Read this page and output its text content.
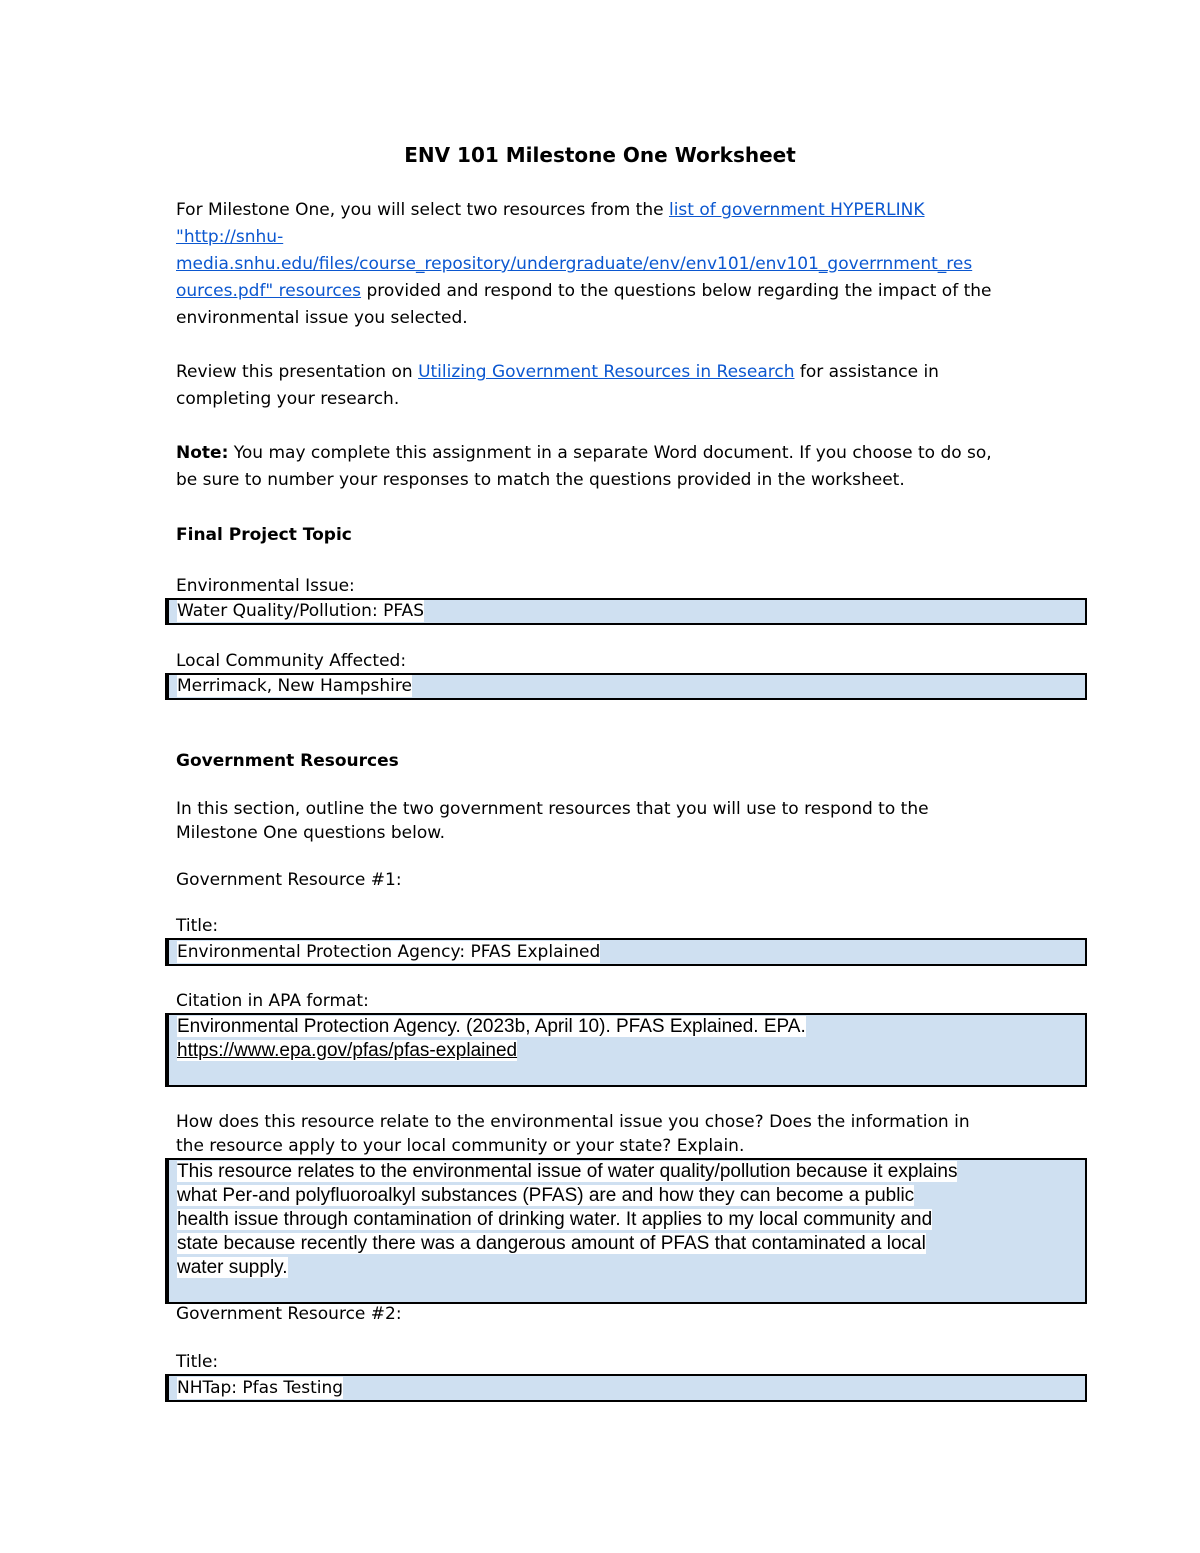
ENV 101 Milestone One Worksheet

For Milestone One, you will select two resources from the list of government HYPERLINK

"http://snhu-

media.snhu.edu/files/course_repository/undergraduate/env/env101/env101_goverrnment_res

ources.pdf" resources provided and respond to the questions below regarding the impact of the

environmental issue you selected.

Review this presentation on Utilizing Government Resources in Research for assistance in

completing your research.

Note: You may complete this assignment in a separate Word document. If you choose to do so,

be sure to number your responses to match the questions provided in the worksheet.

Final Project Topic

Environmental Issue:

Water Quality/Pollution: PFAS

Local Community Affected:

Merrimack, New Hampshire

Government Resources

In this section, outline the two government resources that you will use to respond to the

Milestone One questions below.

Government Resource #1:

Title:

Environmental Protection Agency: PFAS Explained

Citation in APA format:

Environmental Protection Agency. (2023b, April 10). PFAS Explained. EPA.
https://www.epa.gov/pfas/pfas-explained

How does this resource relate to the environmental issue you chose? Does the information in

the resource apply to your local community or your state? Explain.

This resource relates to the environmental issue of water quality/pollution because it explains
what Per-and polyfluoroalkyl substances (PFAS) are and how they can become a public
health issue through contamination of drinking water. It applies to my local community and
state because recently there was a dangerous amount of PFAS that contaminated a local
water supply.

Government Resource #2:

Title:

NHTap: Pfas Testing
